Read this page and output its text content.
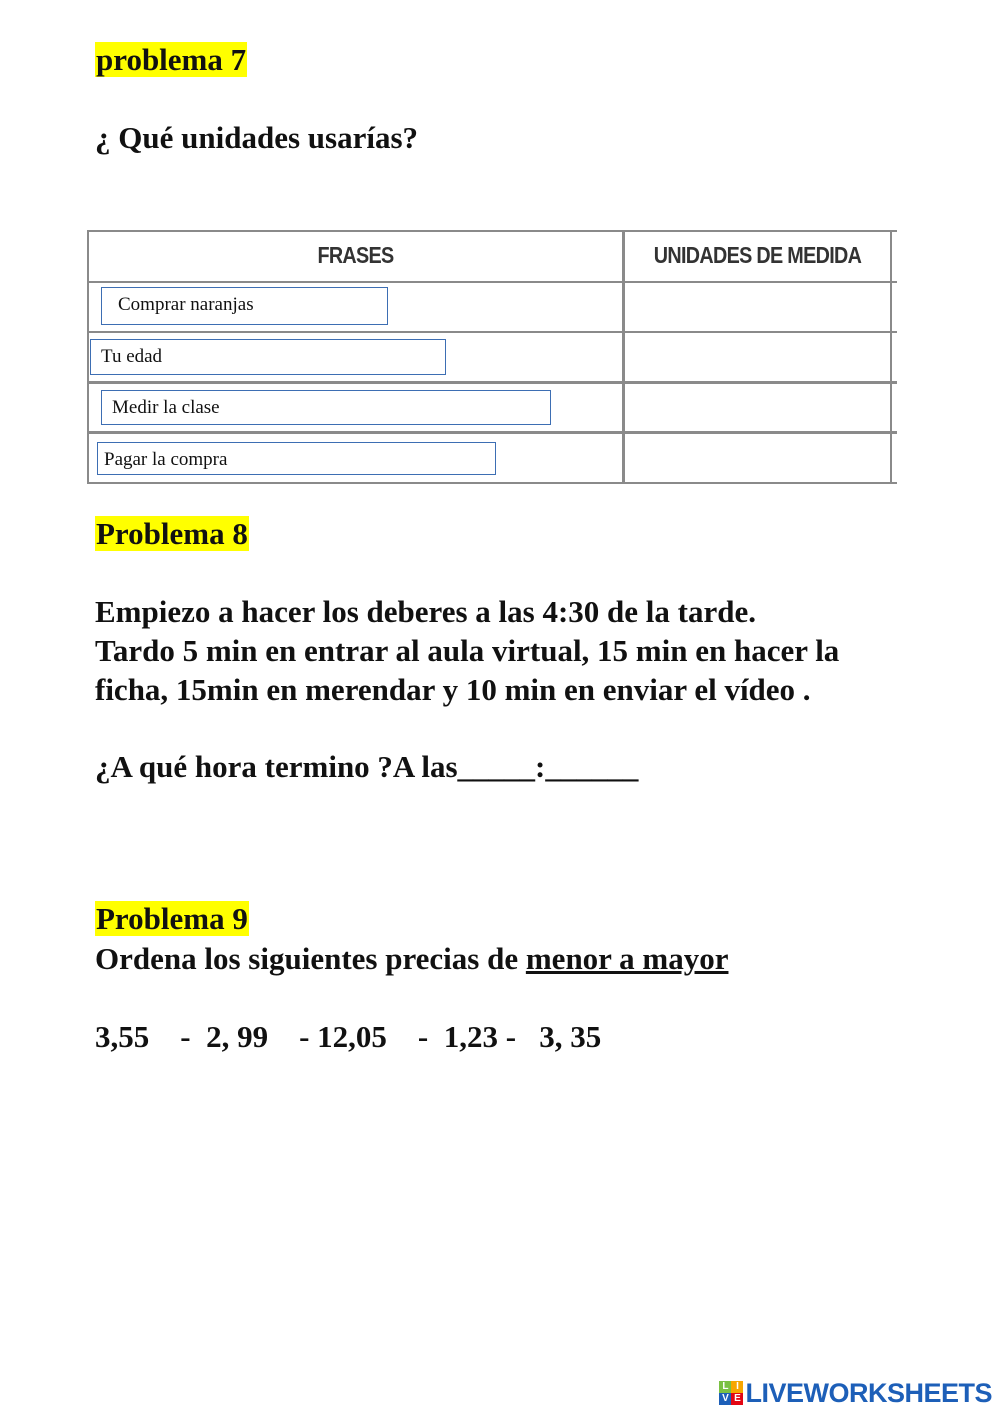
problema 7
¿ Qué unidades usarías?
FRASES	UNIDADES DE MEDIDA
Comprar naranjas
Tu edad
Medir la clase
Pagar la compra
Problema 8
Empiezo a hacer los deberes a las 4:30 de la tarde.
Tardo 5 min en entrar al aula virtual, 15 min en hacer la
ficha, 15min en merendar y 10 min en enviar el vídeo .
¿A qué hora termino ?A las_____:______
Problema 9
Ordena los siguientes precias de menor a mayor
3,55    -  2, 99    - 12,05    -  1,23 -   3, 35
L I
V E LIVEWORKSHEETS
